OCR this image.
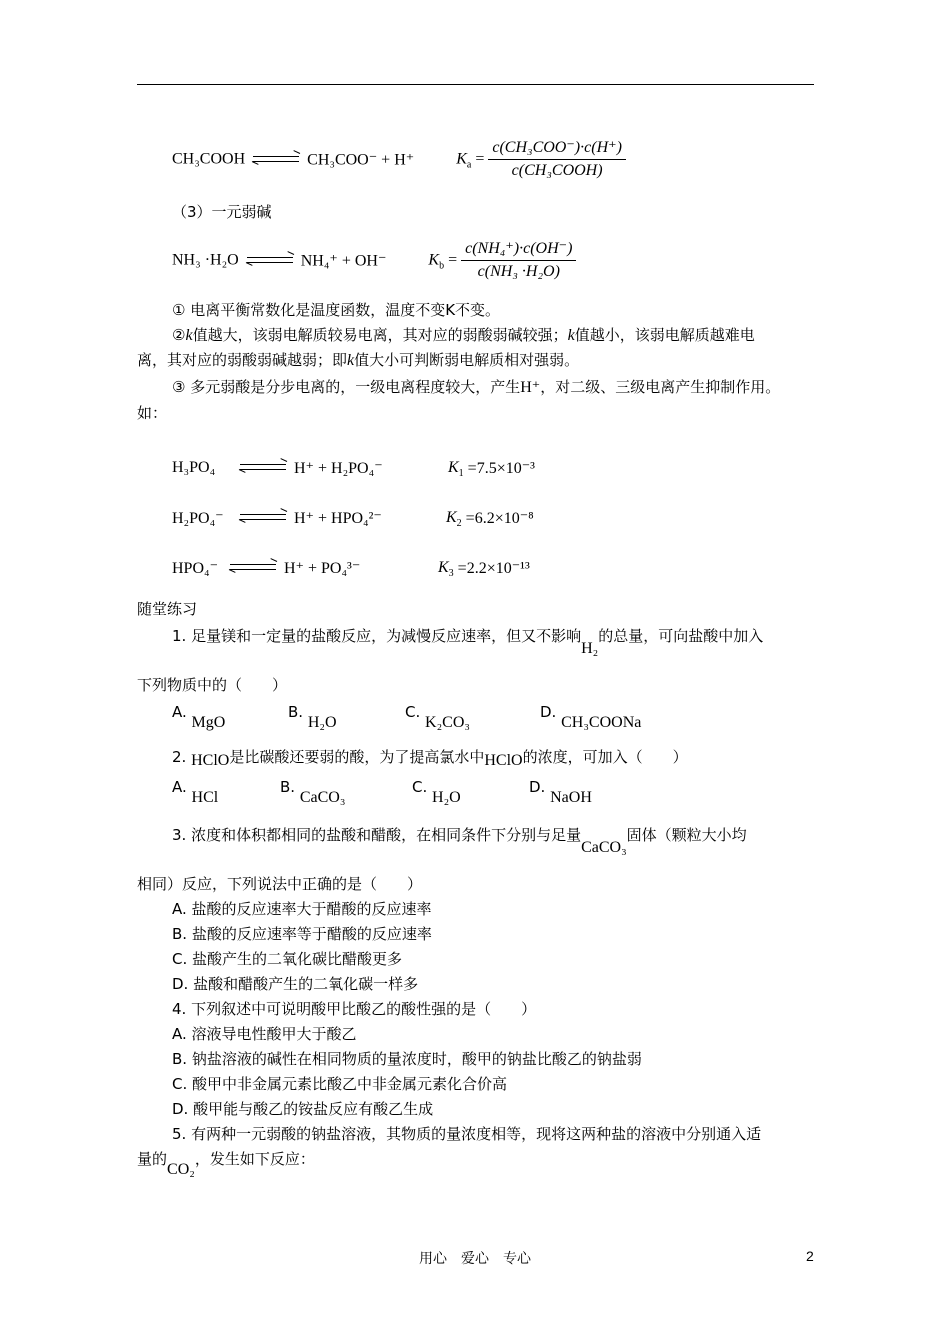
CH₃COOH	CH₃COO⁻ + H⁺	$K_a = \frac{\text{c(CH₃COO⁻)·c(H⁺)}}{\text{c(CH₃COOH)}}$
（3）一元弱碱
NH₃ ·H₂O	NH₄⁺ + OH⁻	$K_b = \frac{\text{c(NH₄⁺)·c(OH⁻)}}{\text{c(NH₃ ·H₂O)}}$
① 电离平衡常数化是温度函数，温度不变K不变。
②k值越大，该弱电解质较易电离，其对应的弱酸弱碱较强；k值越小，该弱电解质越难电
离，其对应的弱酸弱碱越弱；即k值大小可判断弱电解质相对强弱。
③ 多元弱酸是分步电离的，一级电离程度较大，产生H⁺，对二级、三级电离产生抑制作用。
如：
H₃PO₄	H⁺ + H₂PO₄⁻	$K_1 =7.5\times 10^{-3}$
H₂PO₄⁻	H⁺ + HPO₄²⁻	$K_2 =6.2\times 10^{-8}$
HPO₄⁻	H⁺ + PO₄³⁻	$K_3 =2.2\times 10^{-13}$
随堂练习
1. 足量镁和一定量的盐酸反应，为减慢反应速率，但又不影响H₂的总量，可向盐酸中加入
下列物质中的（　　）
A. MgO
B. H₂O
C. K₂CO₃
D. CH₃COONa
2. HClO是比碳酸还要弱的酸，为了提高氯水中HClO的浓度，可加入（　　）
A. HCl
B. CaCO₃
C. H₂O
D. NaOH
3. 浓度和体积都相同的盐酸和醋酸，在相同条件下分别与足量CaCO₃固体（颗粒大小均
相同）反应，下列说法中正确的是（　　）
A. 盐酸的反应速率大于醋酸的反应速率
B. 盐酸的反应速率等于醋酸的反应速率
C. 盐酸产生的二氧化碳比醋酸更多
D. 盐酸和醋酸产生的二氧化碳一样多
4. 下列叙述中可说明酸甲比酸乙的酸性强的是（　　）
A. 溶液导电性酸甲大于酸乙
B. 钠盐溶液的碱性在相同物质的量浓度时，酸甲的钠盐比酸乙的钠盐弱
C. 酸甲中非金属元素比酸乙中非金属元素化合价高
D. 酸甲能与酸乙的铵盐反应有酸乙生成
5. 有两种一元弱酸的钠盐溶液，其物质的量浓度相等，现将这两种盐的溶液中分别通入适
量的CO₂，发生如下反应：
用心　爱心　专心	2
